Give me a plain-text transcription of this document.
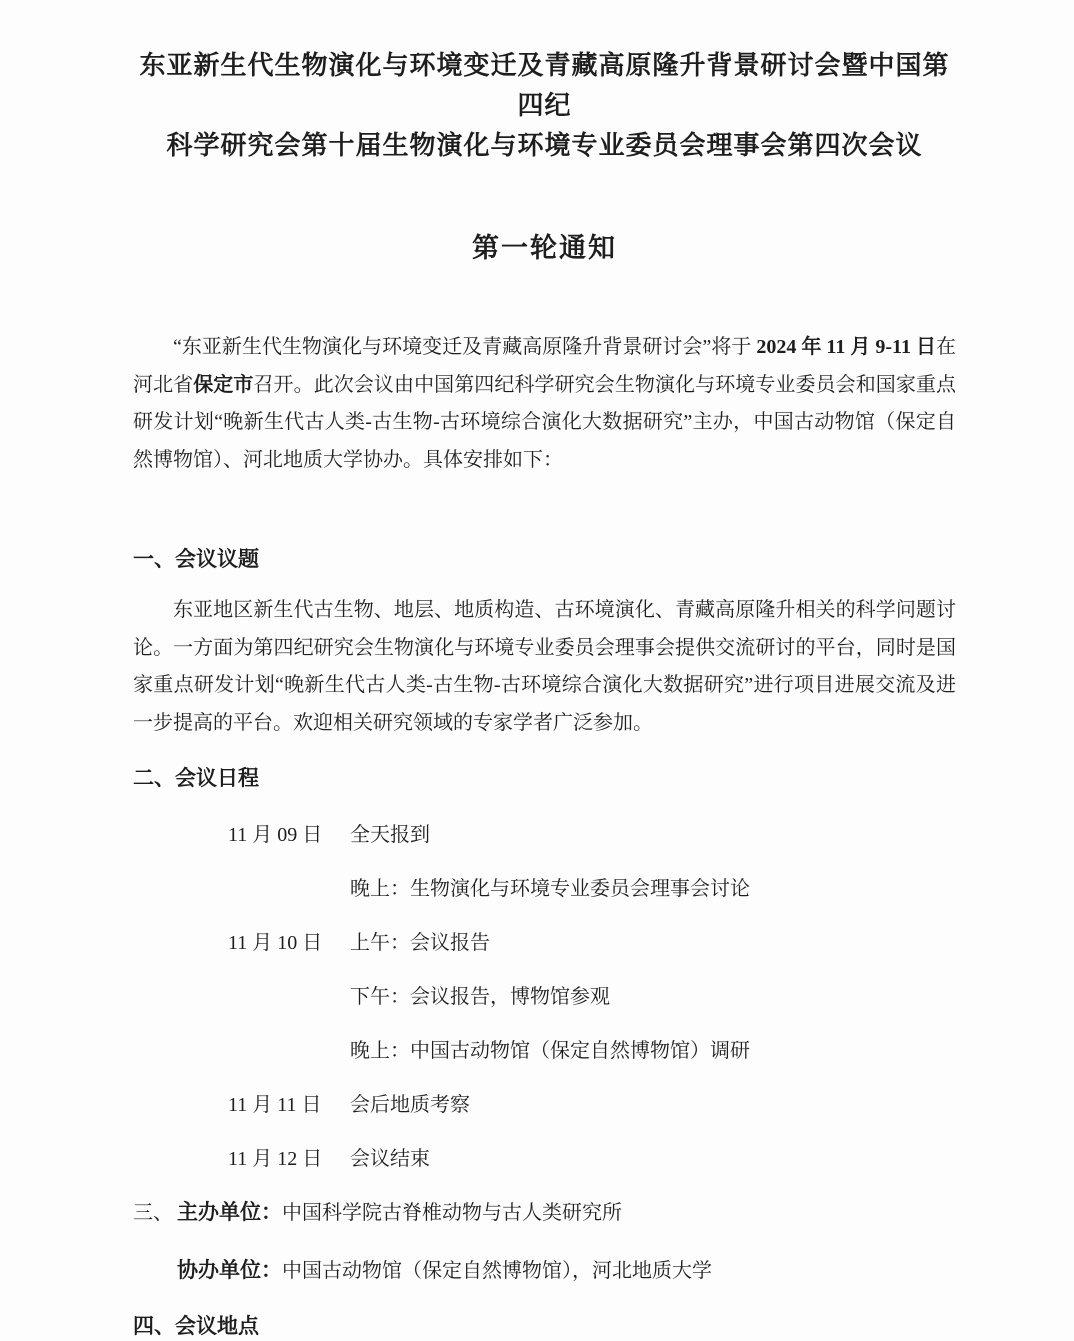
东亚新生代生物演化与环境变迁及青藏高原隆升背景研讨会暨中国第四纪
科学研究会第十届生物演化与环境专业委员会理事会第四次会议
第一轮通知

“东亚新生代生物演化与环境变迁及青藏高原隆升背景研讨会”将于 2024 年 11 月 9-11 日在河北省保定市召开。此次会议由中国第四纪科学研究会生物演化与环境专业委员会和国家重点研发计划“晚新生代古人类-古生物-古环境综合演化大数据研究”主办，中国古动物馆（保定自然博物馆）、河北地质大学协办。具体安排如下：

一、会议议题

东亚地区新生代古生物、地层、地质构造、古环境演化、青藏高原隆升相关的科学问题讨论。一方面为第四纪研究会生物演化与环境专业委员会理事会提供交流研讨的平台，同时是国家重点研发计划“晚新生代古人类-古生物-古环境综合演化大数据研究”进行项目进展交流及进一步提高的平台。欢迎相关研究领域的专家学者广泛参加。

二、会议日程
11 月 09 日	全天报到
晚上：生物演化与环境专业委员会理事会讨论
11 月 10 日	上午：会议报告
下午：会议报告，博物馆参观
晚上：中国古动物馆（保定自然博物馆）调研
11 月 11 日	会后地质考察
11 月 12 日	会议结束
三、 主办单位： 中国科学院古脊椎动物与古人类研究所
协办单位： 中国古动物馆（保定自然博物馆），河北地质大学
四、会议地点
